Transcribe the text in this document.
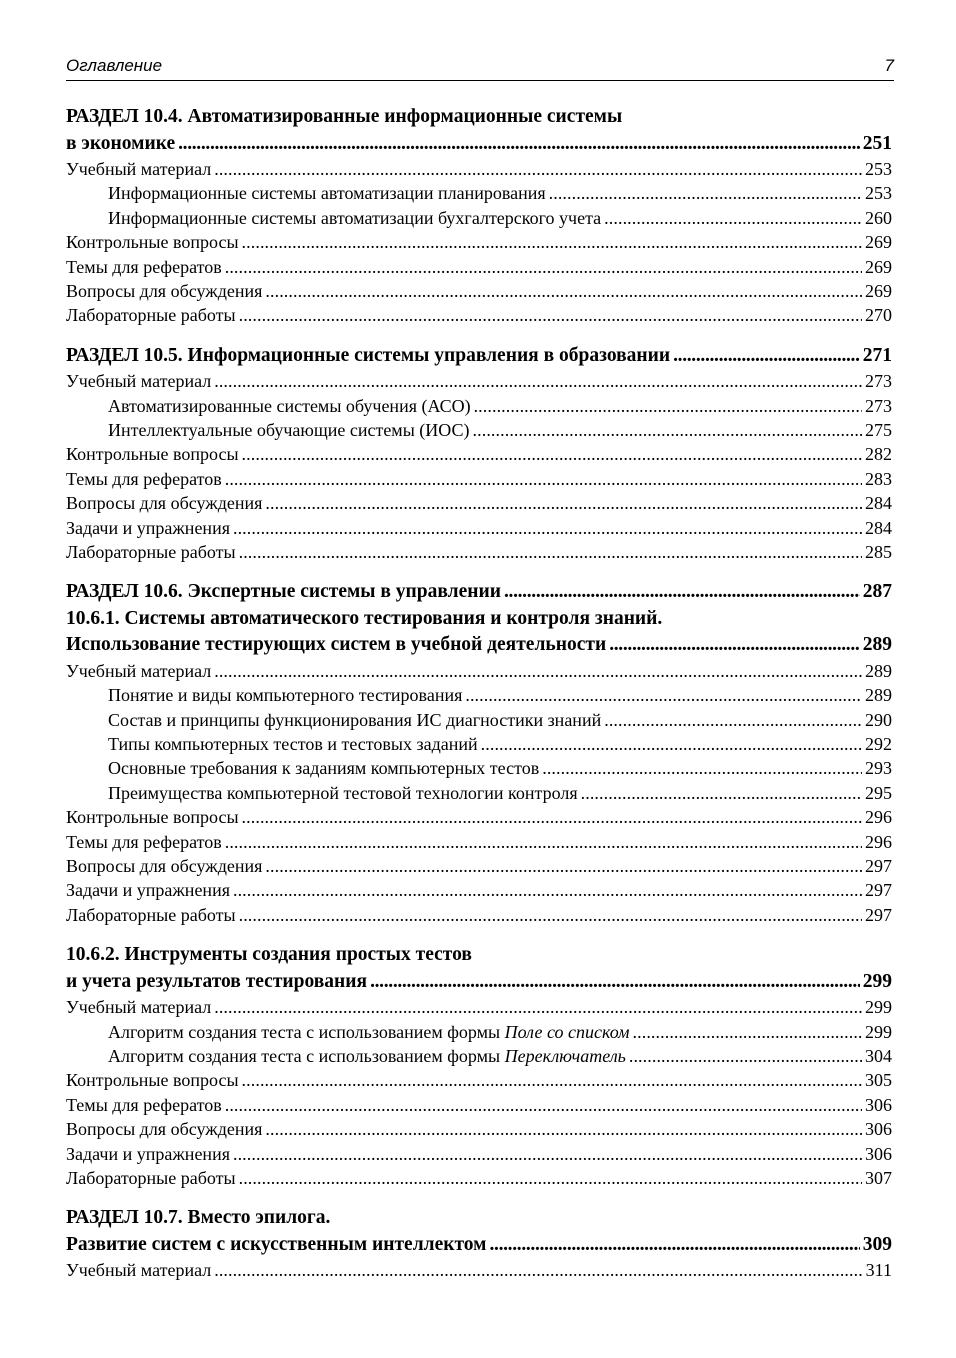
Оглавление	7
РАЗДЕЛ 10.4. Автоматизированные информационные системы
в экономике . . .	251
Учебный материал . . .	253
Информационные системы автоматизации планирования . . .	253
Информационные системы автоматизации бухгалтерского учета . . .	260
Контрольные вопросы . . .	269
Темы для рефератов . . .	269
Вопросы для обсуждения . . .	269
Лабораторные работы . . .	270
РАЗДЕЛ 10.5. Информационные системы управления в образовании . . .	271
Учебный материал . . .	273
Автоматизированные системы обучения (АСО) . . .	273
Интеллектуальные обучающие системы (ИОС) . . .	275
Контрольные вопросы . . .	282
Темы для рефератов . . .	283
Вопросы для обсуждения . . .	284
Задачи и упражнения . . .	284
Лабораторные работы . . .	285
РАЗДЕЛ 10.6. Экспертные системы в управлении . . .	287
10.6.1. Системы автоматического тестирования и контроля знаний.
Использование тестирующих систем в учебной деятельности . . .	289
Учебный материал . . .	289
Понятие и виды компьютерного тестирования . . .	289
Состав и принципы функционирования ИС диагностики знаний . . .	290
Типы компьютерных тестов и тестовых заданий . . .	292
Основные требования к заданиям компьютерных тестов . . .	293
Преимущества компьютерной тестовой технологии контроля . . .	295
Контрольные вопросы . . .	296
Темы для рефератов . . .	296
Вопросы для обсуждения . . .	297
Задачи и упражнения . . .	297
Лабораторные работы . . .	297
10.6.2. Инструменты создания простых тестов
и учета результатов тестирования . . .	299
Учебный материал . . .	299
Алгоритм создания теста с использованием формы Поле со списком . . .	299
Алгоритм создания теста с использованием формы Переключатель . . .	304
Контрольные вопросы . . .	305
Темы для рефератов . . .	306
Вопросы для обсуждения . . .	306
Задачи и упражнения . . .	306
Лабораторные работы . . .	307
РАЗДЕЛ 10.7. Вместо эпилога.
Развитие систем с искусственным интеллектом . . .	309
Учебный материал . . .	311
